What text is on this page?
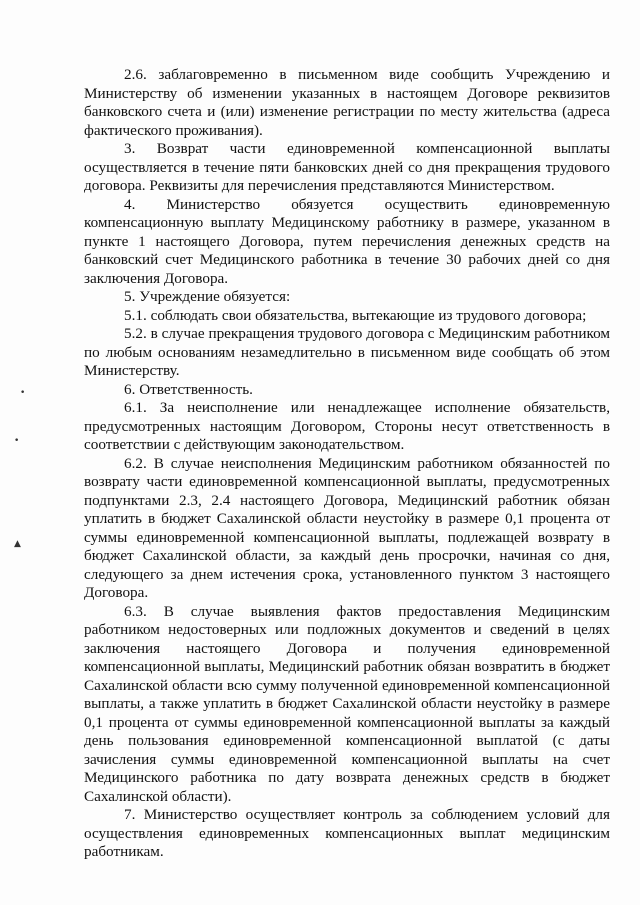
2.6. заблаговременно в письменном виде сообщить Учреждению и Министерству об изменении указанных в настоящем Договоре реквизитов банковского счета и (или) изменение регистрации по месту жительства (адреса фактического проживания).

3. Возврат части единовременной компенсационной выплаты осуществляется в течение пяти банковских дней со дня прекращения трудового договора. Реквизиты для перечисления представляются Министерством.

4. Министерство обязуется осуществить единовременную компенсационную выплату Медицинскому работнику в размере, указанном в пункте 1 настоящего Договора, путем перечисления денежных средств на банковский счет Медицинского работника в течение 30 рабочих дней со дня заключения Договора.

5. Учреждение обязуется:

5.1. соблюдать свои обязательства, вытекающие из трудового договора;

5.2. в случае прекращения трудового договора с Медицинским работником по любым основаниям незамедлительно в письменном виде сообщать об этом Министерству.

6. Ответственность.

6.1. За неисполнение или ненадлежащее исполнение обязательств, предусмотренных настоящим Договором, Стороны несут ответственность в соответствии с действующим законодательством.

6.2. В случае неисполнения Медицинским работником обязанностей по возврату части единовременной компенсационной выплаты, предусмотренных подпунктами 2.3, 2.4 настоящего Договора, Медицинский работник обязан уплатить в бюджет Сахалинской области неустойку в размере 0,1 процента от суммы единовременной компенсационной выплаты, подлежащей возврату в бюджет Сахалинской области, за каждый день просрочки, начиная со дня, следующего за днем истечения срока, установленного пунктом 3 настоящего Договора.

6.3. В случае выявления фактов предоставления Медицинским работником недостоверных или подложных документов и сведений в целях заключения настоящего Договора и получения единовременной компенсационной выплаты, Медицинский работник обязан возвратить в бюджет Сахалинской области всю сумму полученной единовременной компенсационной выплаты, а также уплатить в бюджет Сахалинской области неустойку в размере 0,1 процента от суммы единовременной компенсационной выплаты за каждый день пользования единовременной компенсационной выплатой (с даты зачисления суммы единовременной компенсационной выплаты на счет Медицинского работника по дату возврата денежных средств в бюджет Сахалинской области).

7. Министерство осуществляет контроль за соблюдением условий для осуществления единовременных компенсационных выплат медицинским работникам.

•
•
▲
